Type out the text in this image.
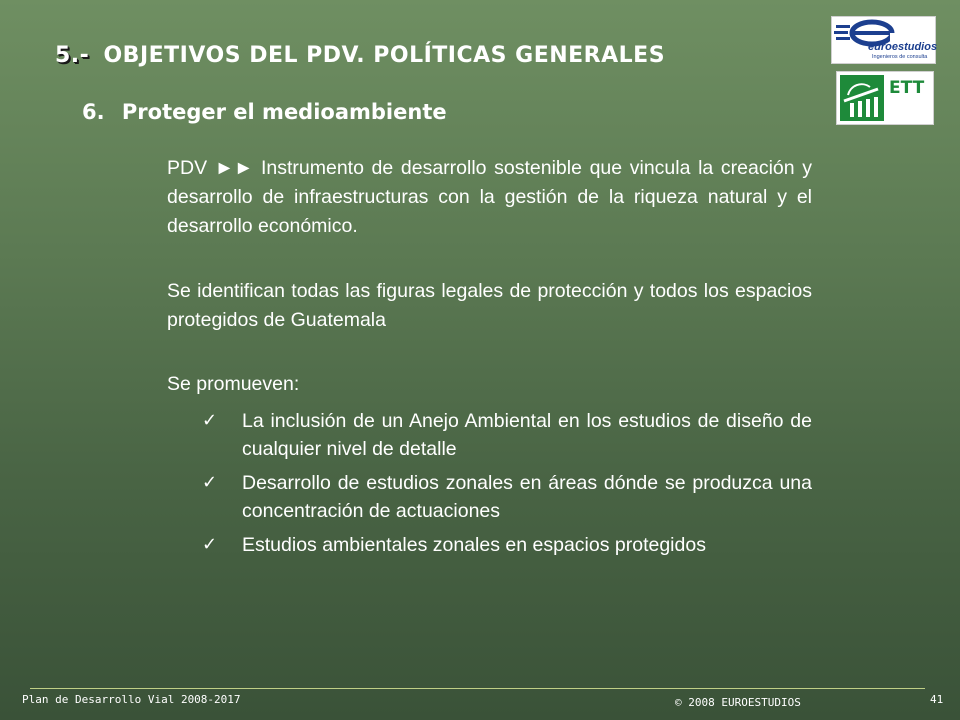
5.- OBJETIVOS DEL PDV. POLÍTICAS GENERALES
6. Proteger el medioambiente
euroestudios
Ingenieros de consulta
ETT
PDV ►► Instrumento de desarrollo sostenible que vincula la creación y desarrollo de infraestructuras con la gestión de la riqueza natural y el desarrollo económico.
Se identifican todas las figuras legales de protección y todos los espacios protegidos de Guatemala
Se promueven:
✓ La inclusión de un Anejo Ambiental en los estudios de diseño de cualquier nivel de detalle
✓ Desarrollo de estudios zonales en áreas dónde se produzca una concentración de actuaciones
✓ Estudios ambientales zonales en espacios protegidos
Plan de Desarrollo Vial 2008-2017	© 2008 EUROESTUDIOS	41
